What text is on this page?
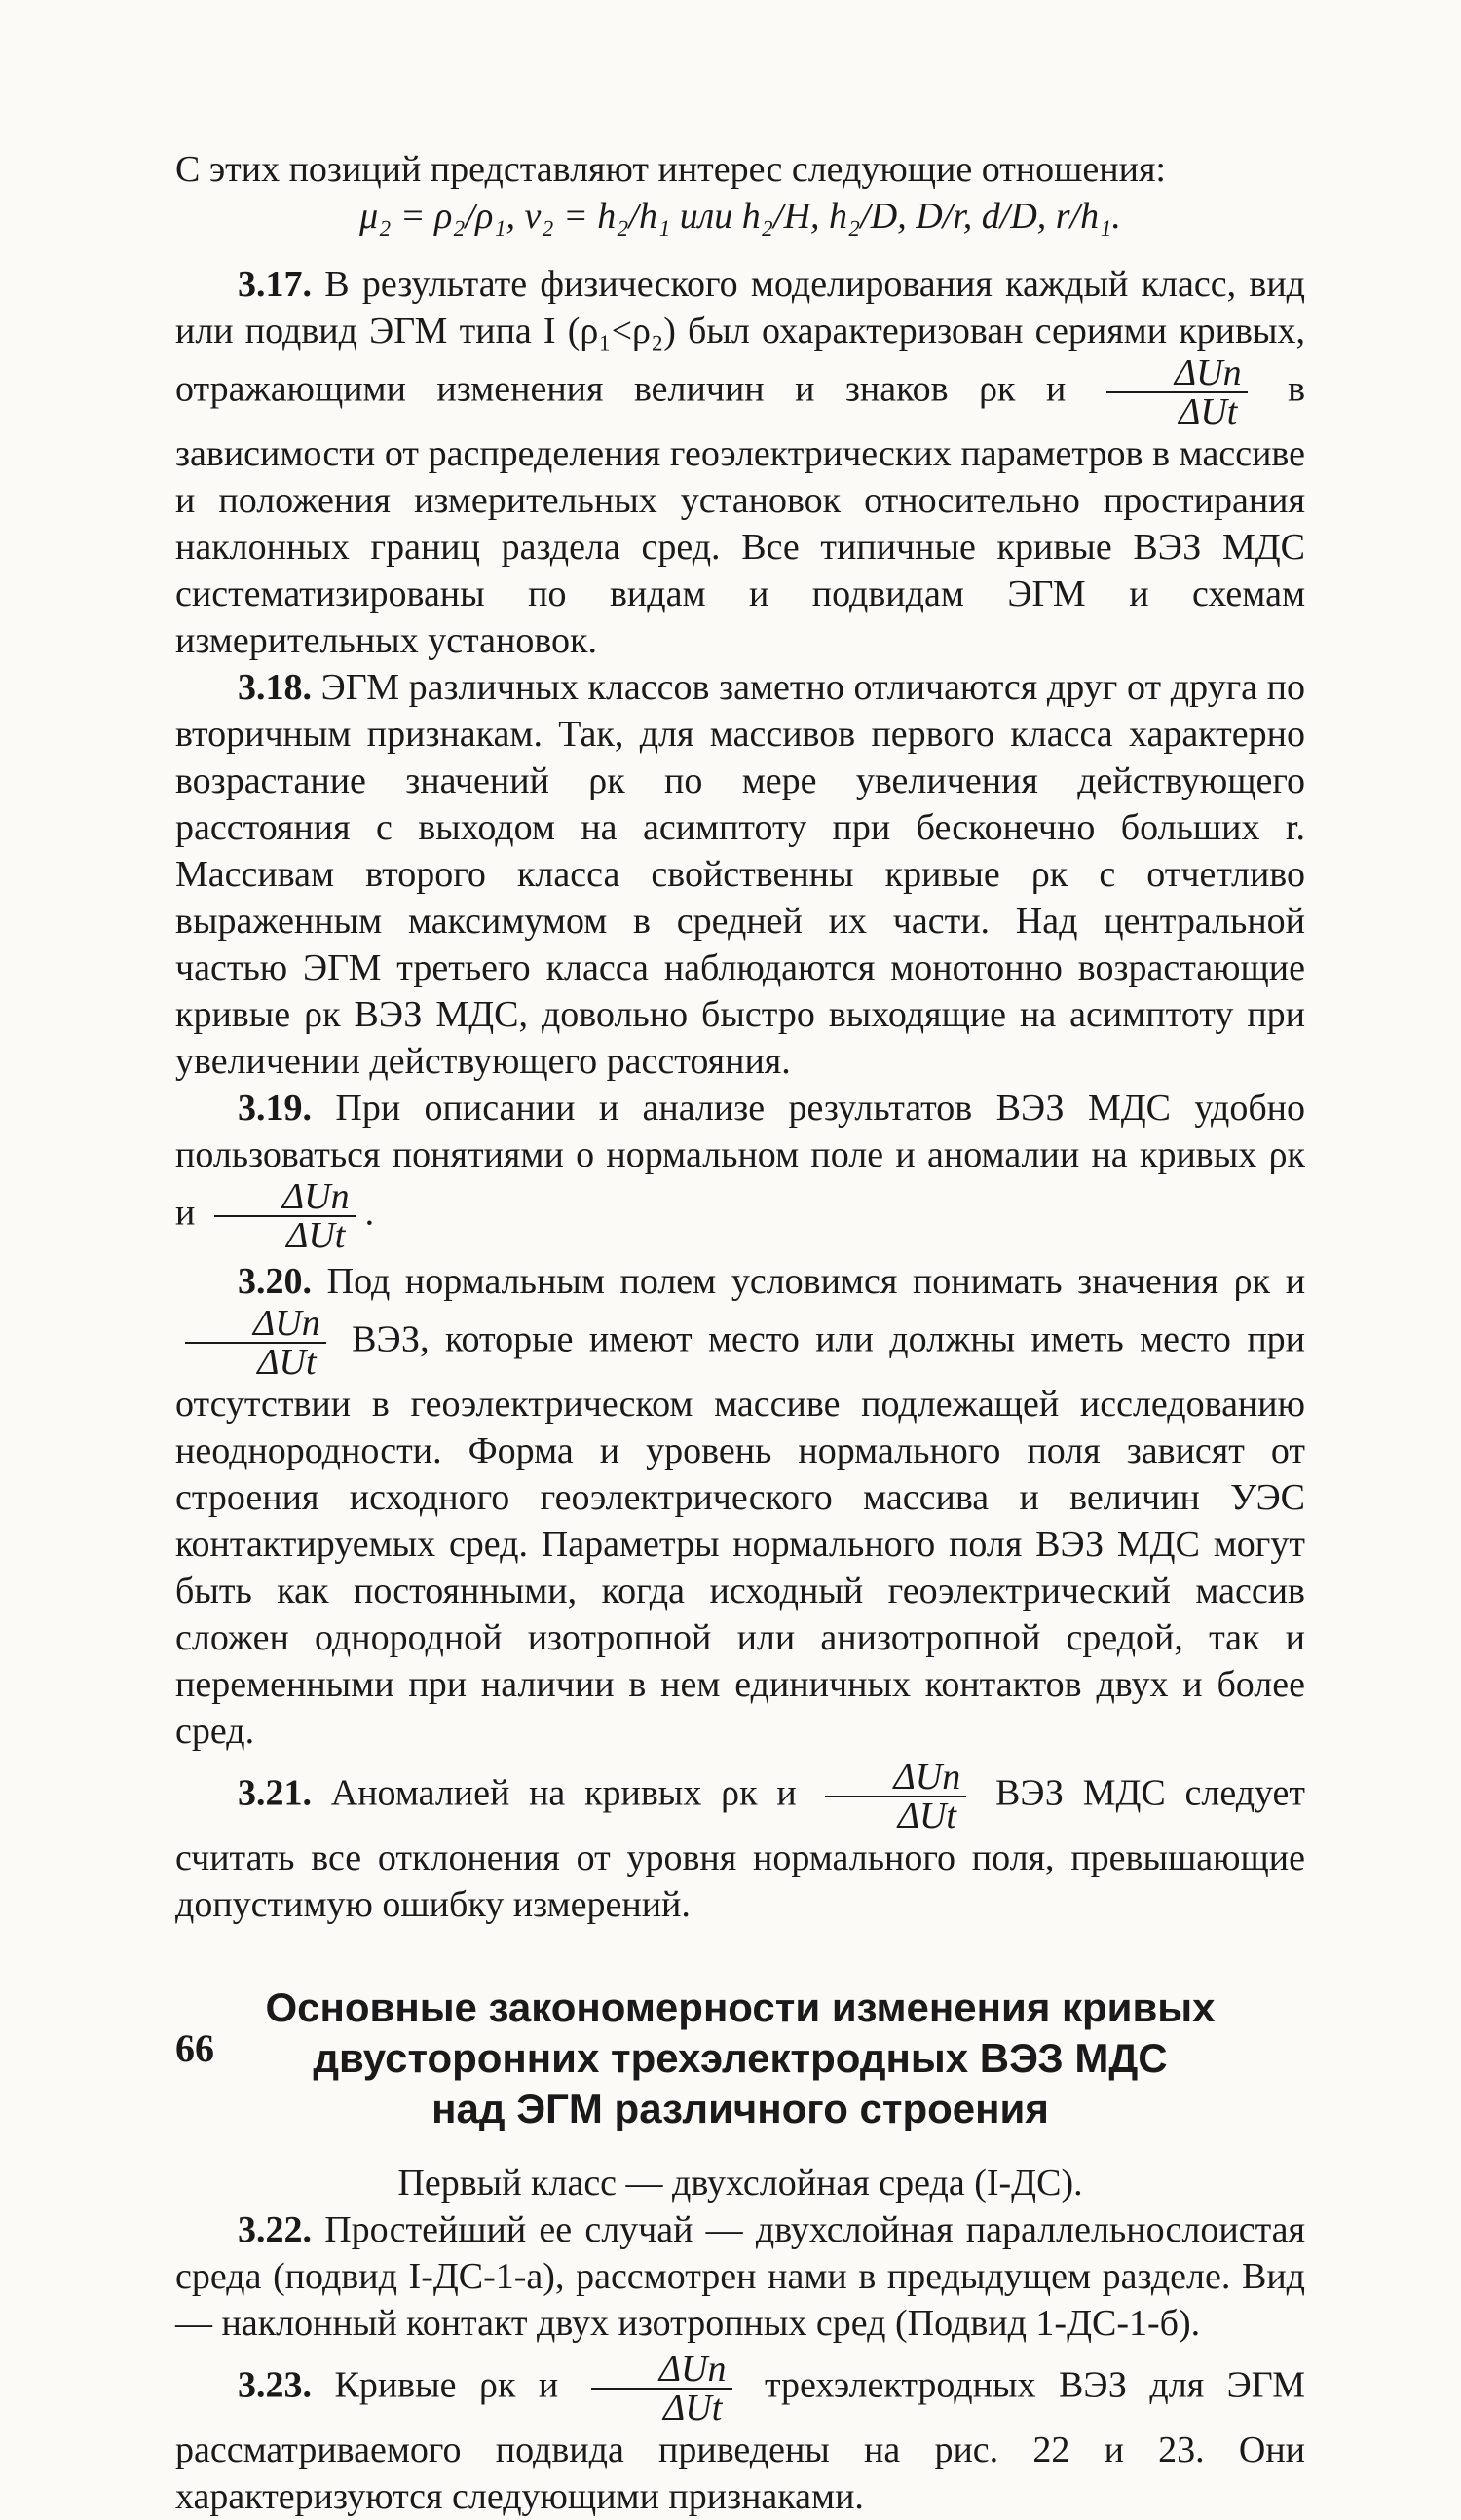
С этих позиций представляют интерес следующие отношения:

μ₂ = ρ₂/ρ₁, ν₂ = h₂/h₁ или h₂/H, h₂/D, D/r, d/D, r/h₁.

3.17. В результате физического моделирования каждый класс, вид или подвид ЭГМ типа I (ρ₁<ρ₂) был охарактеризован сериями кривых, отражающими изменения величин и знаков ρк и $\frac{\text{ΔUn}}{\text{ΔUt}}$ в зависимости от распределения геоэлектрических параметров в массиве и положения измерительных установок относительно простирания наклонных границ раздела сред. Все типичные кривые ВЭЗ МДС систематизированы по видам и подвидам ЭГМ и схемам измерительных установок.

3.18. ЭГМ различных классов заметно отличаются друг от друга по вторичным признакам. Так, для массивов первого класса характерно возрастание значений ρк по мере увеличения действующего расстояния с выходом на асимптоту при бесконечно больших r. Массивам второго класса свойственны кривые ρк с отчетливо выраженным максимумом в средней их части. Над центральной частью ЭГМ третьего класса наблюдаются монотонно возрастающие кривые ρк ВЭЗ МДС, довольно быстро выходящие на асимптоту при увеличении действующего расстояния.

3.19. При описании и анализе результатов ВЭЗ МДС удобно пользоваться понятиями о нормальном поле и аномалии на кривых ρк и $\frac{\text{ΔUn}}{\text{ΔUt}}$ .

3.20. Под нормальным полем условимся понимать значения ρк и
$\frac{\text{ΔUn}}{\text{ΔUt}}$ ВЭЗ, которые имеют место или должны иметь место при отсутствии в геоэлектрическом массиве подлежащей исследованию неоднородности. Форма и уровень нормального поля зависят от строения исходного геоэлектрического массива и величин УЭС контактируемых сред. Параметры нормального поля ВЭЗ МДС могут быть как постоянными, когда исходный геоэлектрический массив сложен однородной изотропной или анизотропной средой, так и переменными при наличии в нем единичных контактов двух и более сред.

3.21. Аномалией на кривых ρк и $\frac{\text{ΔUn}}{\text{ΔUt}}$ ВЭЗ МДС следует считать все отклонения от уровня нормального поля, превышающие допустимую ошибку измерений.

Основные закономерности изменения кривых
двусторонних трехэлектродных ВЭЗ МДС
над ЭГМ различного строения

Первый класс — двухслойная среда (I-ДС).

3.22. Простейший ее случай — двухслойная параллельнослоистая среда (подвид I-ДС-1-а), рассмотрен нами в предыдущем разделе. Вид — наклонный контакт двух изотропных сред (Подвид 1-ДС-1-б).

3.23. Кривые ρк и $\frac{\text{ΔUn}}{\text{ΔUt}}$ трехэлектродных ВЭЗ для ЭГМ рассматриваемого подвида приведены на рис. 22 и 23. Они характеризуются следующими признаками.

66
